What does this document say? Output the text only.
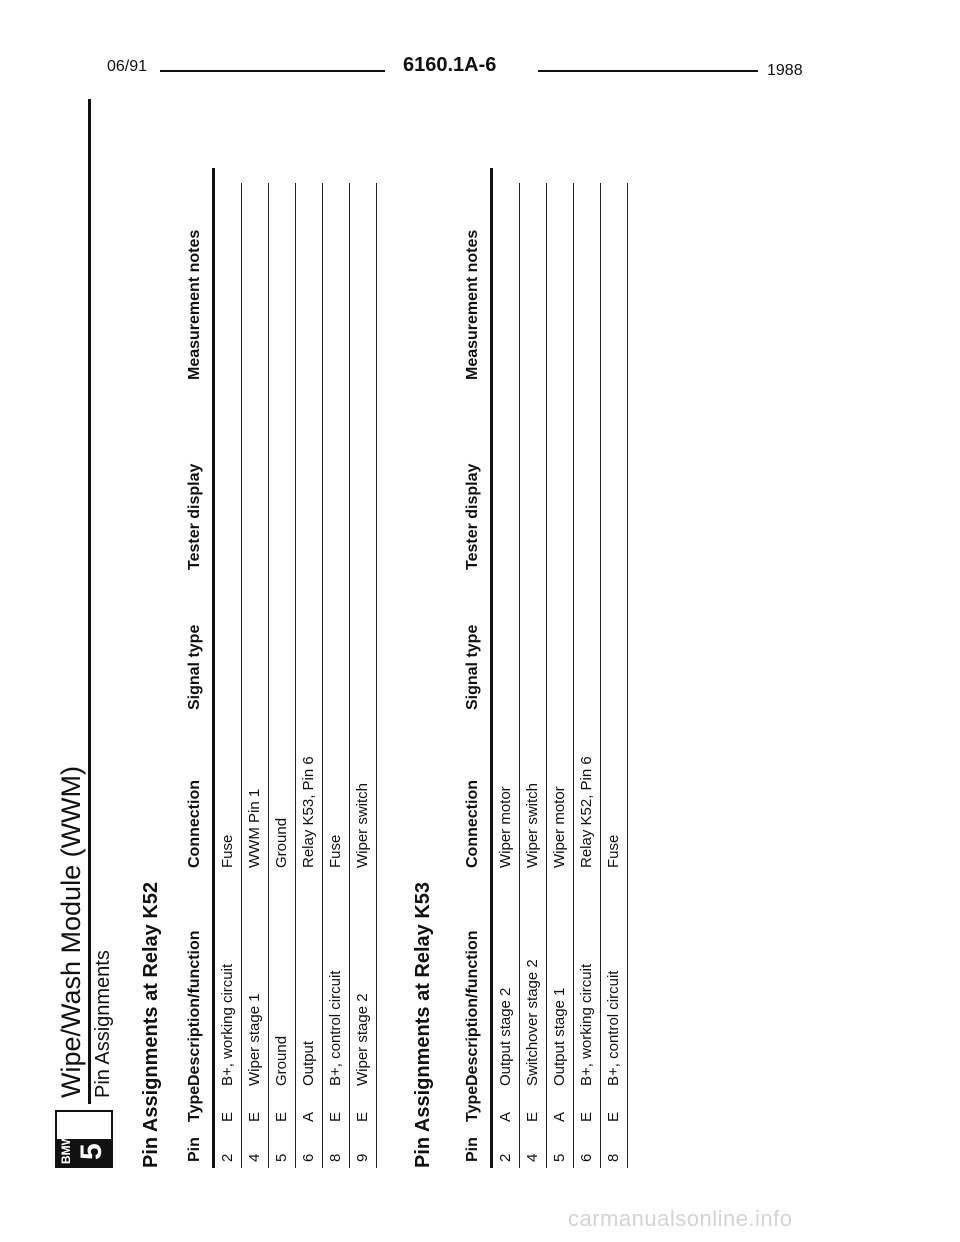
06/91	6160.1A-6	1988
BMW 5
Wipe/Wash Module (WWM) Pin Assignments Pin Assignments at Relay K52 Pin
Type
Description/function
Connection
Signal type
Tester display
Measurement notes
2
E
B+, working circuit
Fuse
4
E
Wiper stage 1
WWM Pin 1
5
E
Ground
Ground
6
A
Output
Relay K53, Pin 6
8
E
B+, control circuit
Fuse
9
E
Wiper stage 2
Wiper switch
Pin Assignments at Relay K53 Pin
Type
Description/function
Connection
Signal type
Tester display
Measurement notes
2
A
Output stage 2
Wiper motor
4
E
Switchover stage 2
Wiper switch
5
A
Output stage 1
Wiper motor
6
E
B+, working circuit
Relay K52, Pin 6
8
E
B+, control circuit
Fuse
carmanualsonline.info
